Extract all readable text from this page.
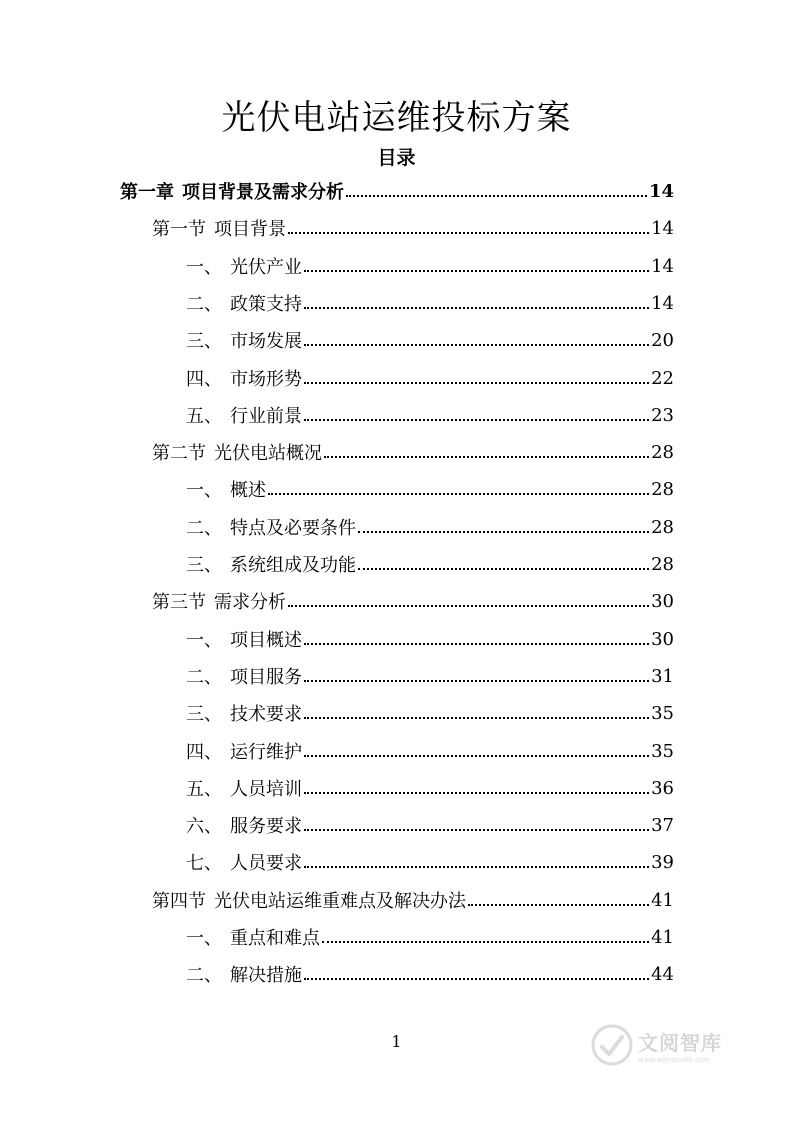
光伏电站运维投标方案
目录
第一章 项目背景及需求分析	14
第一节 项目背景	14
一、 光伏产业	14
二、 政策支持	14
三、 市场发展	20
四、 市场形势	22
五、 行业前景	23
第二节 光伏电站概况	28
一、 概述	28
二、 特点及必要条件	28
三、 系统组成及功能	28
第三节 需求分析	30
一、 项目概述	30
二、 项目服务	31
三、 技术要求	35
四、 运行维护	35
五、 人员培训	36
六、 服务要求	37
七、 人员要求	39
第四节 光伏电站运维重难点及解决办法	41
一、 重点和难点	41
二、 解决措施	44
1	文阅智库
www.wenduolib.com
